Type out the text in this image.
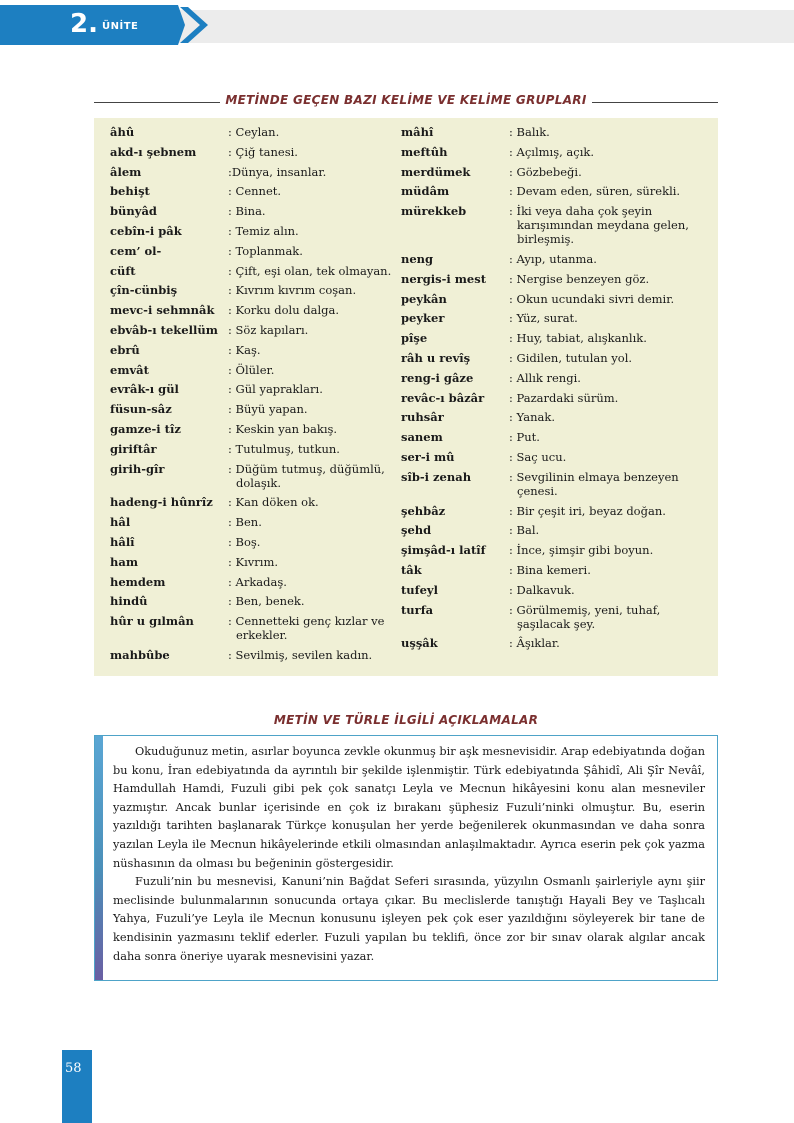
2. ÜNİTE
METİNDE GEÇEN BAZI KELİME VE KELİME GRUPLARI
âhû	: Ceylan.
akd-ı şebnem	: Çiğ tanesi.
âlem	:Dünya, insanlar.
behişt	: Cennet.
bünyâd	: Bina.
cebîn-i pâk	: Temiz alın.
cem’ ol-	: Toplanmak.
cüft	: Çift, eşi olan, tek olmayan.
çîn-cünbiş	: Kıvrım kıvrım coşan.
mevc-i sehmnâk	: Korku dolu dalga.
ebvâb-ı tekellüm : Söz kapıları.
ebrû	: Kaş.
emvât	: Ölüler.
evrâk-ı gül	: Gül yaprakları.
füsun-sâz	: Büyü yapan.
gamze-i tîz	: Keskin yan bakış.
giriftâr	: Tutulmuş, tutkun.
girih-gîr	: Düğüm tutmuş, düğümlü, dolaşık.
hadeng-i hûnrîz	: Kan döken ok.
hâl	: Ben.
hâlî	: Boş.
ham	: Kıvrım.
hemdem	: Arkadaş.
hindû	: Ben, benek.
hûr u gılmân	: Cennetteki genç kızlar ve erkekler.
mahbûbe	: Sevilmiş, sevilen kadın.
mâhî	: Balık.
meftûh	: Açılmış, açık.
merdümek	: Gözbebeği.
müdâm	: Devam eden, süren, sürekli.
mürekkeb	: İki veya daha çok şeyin karışımından meydana gelen, birleşmiş.
neng	: Ayıp, utanma.
nergis-i mest	: Nergise benzeyen göz.
peykân	: Okun ucundaki sivri demir.
peyker	: Yüz, surat.
pîşe	: Huy, tabiat, alışkanlık.
râh u revîş	: Gidilen, tutulan yol.
reng-i gâze	: Allık rengi.
revâc-ı bâzâr	: Pazardaki sürüm.
ruhsâr	: Yanak.
sanem	: Put.
ser-i mû	: Saç ucu.
sîb-i zenah	: Sevgilinin elmaya benzeyen çenesi.
şehbâz	: Bir çeşit iri, beyaz doğan.
şehd	: Bal.
şimşâd-ı latîf	: İnce, şimşir gibi boyun.
tâk	: Bina kemeri.
tufeyl	: Dalkavuk.
turfa	: Görülmemiş, yeni, tuhaf, şaşılacak şey.
uşşâk	: Âşıklar.
METİN VE TÜRLE İLGİLİ AÇIKLAMALAR

Okuduğunuz metin, asırlar boyunca zevkle okunmuş bir aşk mesnevisidir. Arap edebiyatında doğan bu konu, İran edebiyatında da ayrıntılı bir şekilde işlenmiştir. Türk edebiyatında Şâhidî, Ali Şîr Nevâî, Hamdullah Hamdi, Fuzuli gibi pek çok sanatçı Leyla ve Mecnun hikâyesini konu alan mesneviler yazmıştır. Ancak bunlar içerisinde en çok iz bırakanı şüphesiz Fuzuli’ninki olmuştur. Bu, eserin yazıldığı tarihten başlanarak Türkçe konuşulan her yerde beğenilerek okunmasından ve daha sonra yazılan Leyla ile Mecnun hikâyelerinde etkili olmasından anlaşılmaktadır. Ayrıca eserin pek çok yazma nüshasının da olması bu beğeninin göstergesidir.

Fuzuli’nin bu mesnevisi, Kanuni’nin Bağdat Seferi sırasında, yüzyılın Osmanlı şairleriyle aynı şiir meclisinde bulunmalarının sonucunda ortaya çıkar. Bu meclislerde tanıştığı Hayali Bey ve Taşlıcalı Yahya, Fuzuli’ye Leyla ile Mecnun konusunu işleyen pek çok eser yazıldığını söyleyerek bir tane de kendisinin yazmasını teklif ederler. Fuzuli yapılan bu teklifi, önce zor bir sınav olarak algılar ancak daha sonra öneriye uyarak mesnevisini yazar.

58
